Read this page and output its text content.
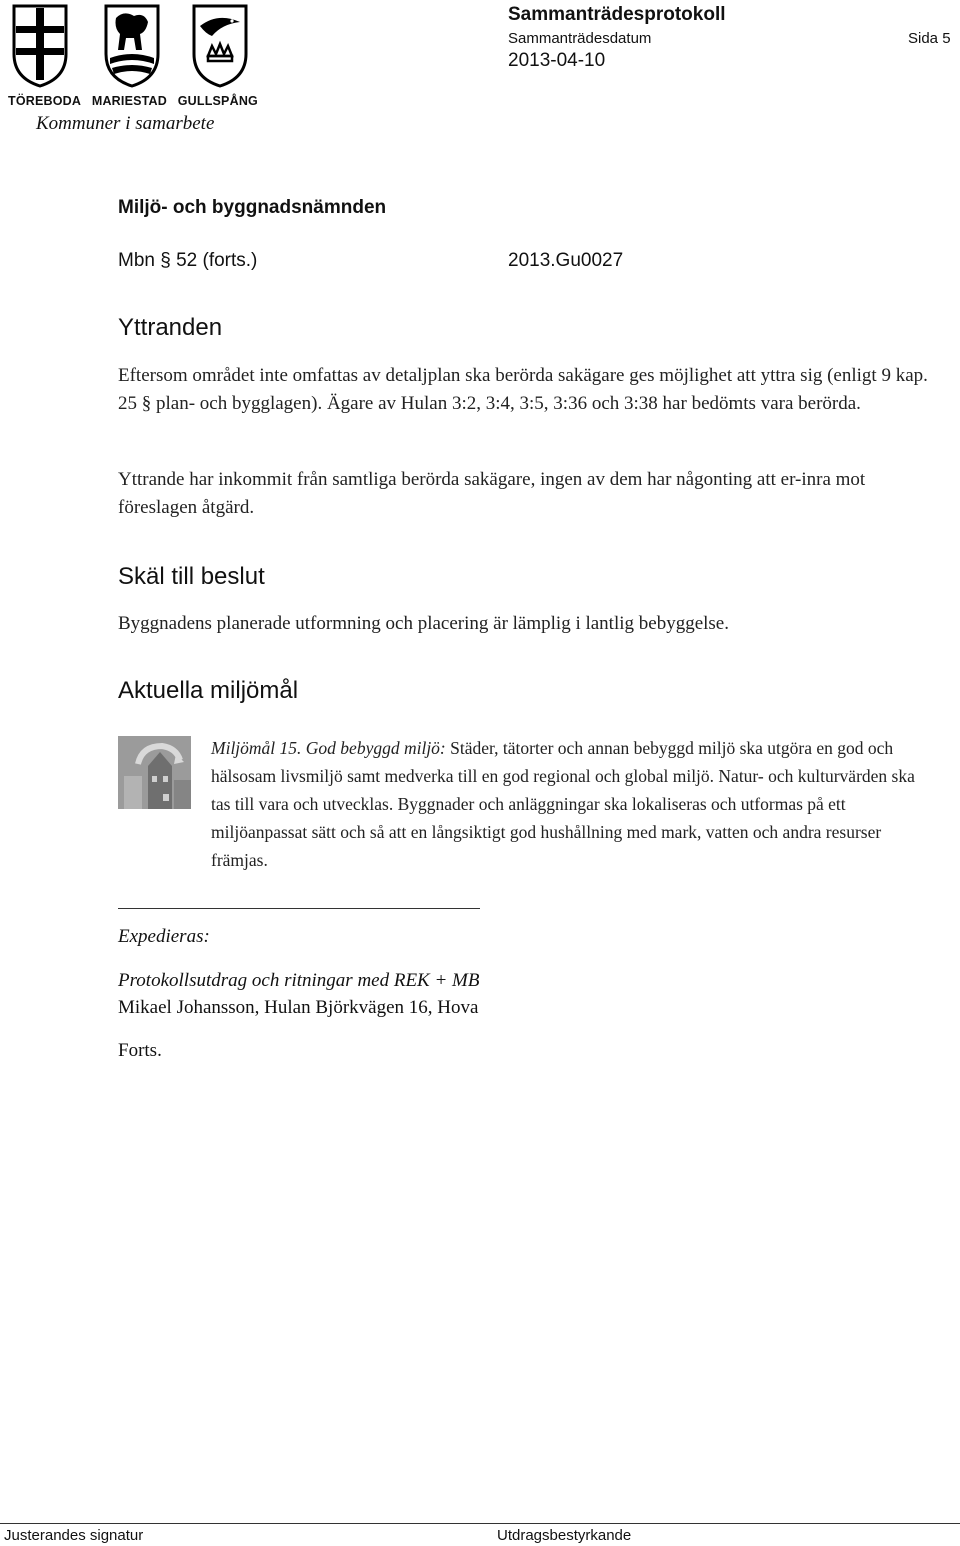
TÖREBODA MARIESTAD GULLSPÅNG
Kommuner i samarbete
Sammanträdesprotokoll
Sammanträdesdatum	Sida 5
2013-04-10
Miljö- och byggnadsnämnden
Mbn § 52 (forts.)	2013.Gu0027
Yttranden

Eftersom området inte omfattas av detaljplan ska berörda sakägare ges möjlighet att yttra sig (enligt 9 kap. 25 § plan- och bygglagen). Ägare av Hulan 3:2, 3:4, 3:5, 3:36 och 3:38 har bedömts vara berörda.

Yttrande har inkommit från samtliga berörda sakägare, ingen av dem har någonting att er-inra mot föreslagen åtgärd.

Skäl till beslut

Byggnadens planerade utformning och placering är lämplig i lantlig bebyggelse.

Aktuella miljömål

Miljömål 15. God bebyggd miljö: Städer, tätorter och annan bebyggd miljö ska utgöra en god och hälsosam livsmiljö samt medverka till en god regional och global miljö. Natur- och kulturvärden ska tas till vara och utvecklas. Byggnader och anläggningar ska lokaliseras och utformas på ett miljöanpassat sätt och så att en långsiktigt god hushållning med mark, vatten och andra resurser främjas.

Expedieras:
Protokollsutdrag och ritningar med REK + MB
Mikael Johansson, Hulan Björkvägen 16, Hova
Forts.
Justerandes signatur	Utdragsbestyrkande
